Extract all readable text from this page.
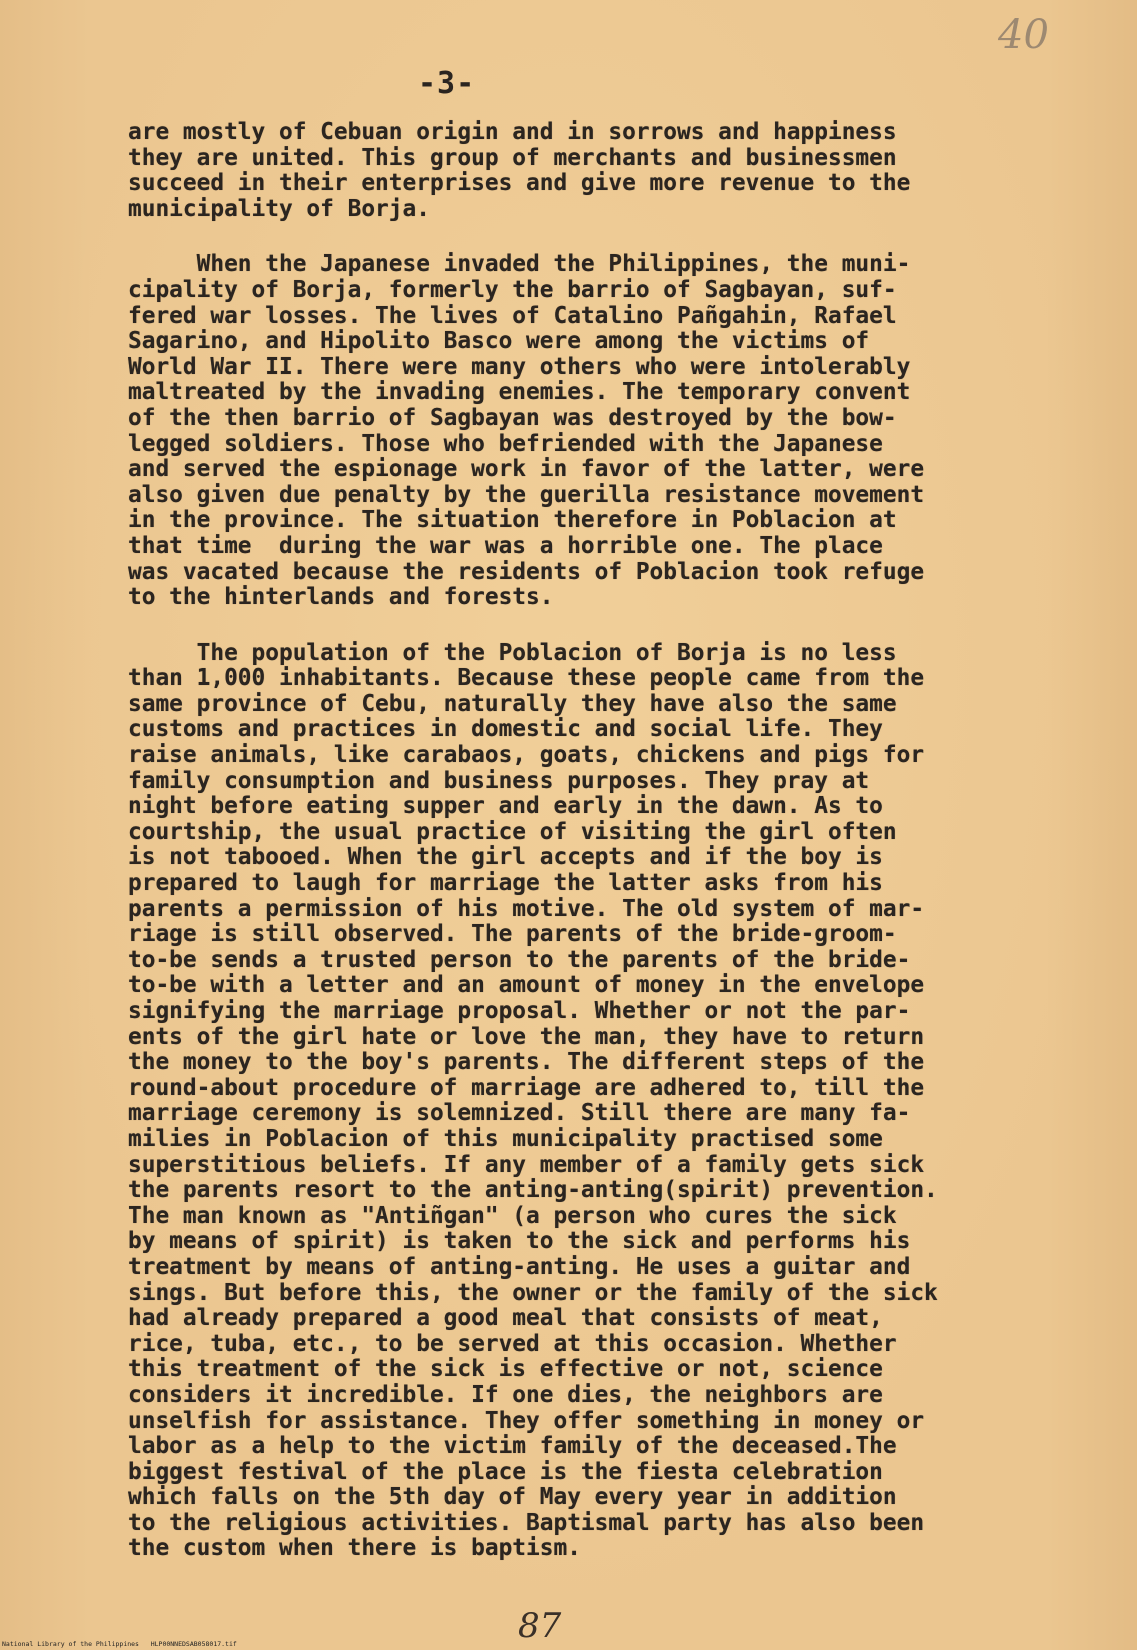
40
-3-
are mostly of Cebuan origin and in sorrows and happiness
they are united. This group of merchants and businessmen
succeed in their enterprises and give more revenue to the
municipality of Borja.
When the Japanese invaded the Philippines, the muni-
cipality of Borja, formerly the barrio of Sagbayan, suf-
fered war losses. The lives of Catalino Pañgahin, Rafael
Sagarino, and Hipolito Basco were among the victims of
World War II. There were many others who were intolerably
maltreated by the invading enemies. The temporary convent
of the then barrio of Sagbayan was destroyed by the bow-
legged soldiers. Those who befriended with the Japanese
and served the espionage work in favor of the latter, were
also given due penalty by the guerilla resistance movement
in the province. The situation therefore in Poblacion at
that time  during the war was a horrible one. The place
was vacated because the residents of Poblacion took refuge
to the hinterlands and forests.
The population of the Poblacion of Borja is no less
than 1,000 inhabitants. Because these people came from the
same province of Cebu, naturally they have also the same
customs and practices in domestic and social life. They
raise animals, like carabaos, goats, chickens and pigs for
family consumption and business purposes. They pray at
night before eating supper and early in the dawn. As to
courtship, the usual practice of visiting the girl often
is not tabooed. When the girl accepts and if the boy is
prepared to laugh for marriage the latter asks from his
parents a permission of his motive. The old system of mar-
riage is still observed. The parents of the bride-groom-
to-be sends a trusted person to the parents of the bride-
to-be with a letter and an amount of money in the envelope
signifying the marriage proposal. Whether or not the par-
ents of the girl hate or love the man, they have to return
the money to the boy's parents. The different steps of the
round-about procedure of marriage are adhered to, till the
marriage ceremony is solemnized. Still there are many fa-
milies in Poblacion of this municipality practised some
superstitious beliefs. If any member of a family gets sick
the parents resort to the anting-anting(spirit) prevention.
The man known as "Antiñgan" (a person who cures the sick
by means of spirit) is taken to the sick and performs his
treatment by means of anting-anting. He uses a guitar and
sings. But before this, the owner or the family of the sick
had already prepared a good meal that consists of meat,
rice, tuba, etc., to be served at this occasion. Whether
this treatment of the sick is effective or not, science
considers it incredible. If one dies, the neighbors are
unselfish for assistance. They offer something in money or
labor as a help to the victim family of the deceased.The
biggest festival of the place is the fiesta celebration
which falls on the 5th day of May every year in addition
to the religious activities. Baptismal party has also been
the custom when there is baptism.
87
National Library of the Philippines   HLP00NNEDSAB058017.tif
